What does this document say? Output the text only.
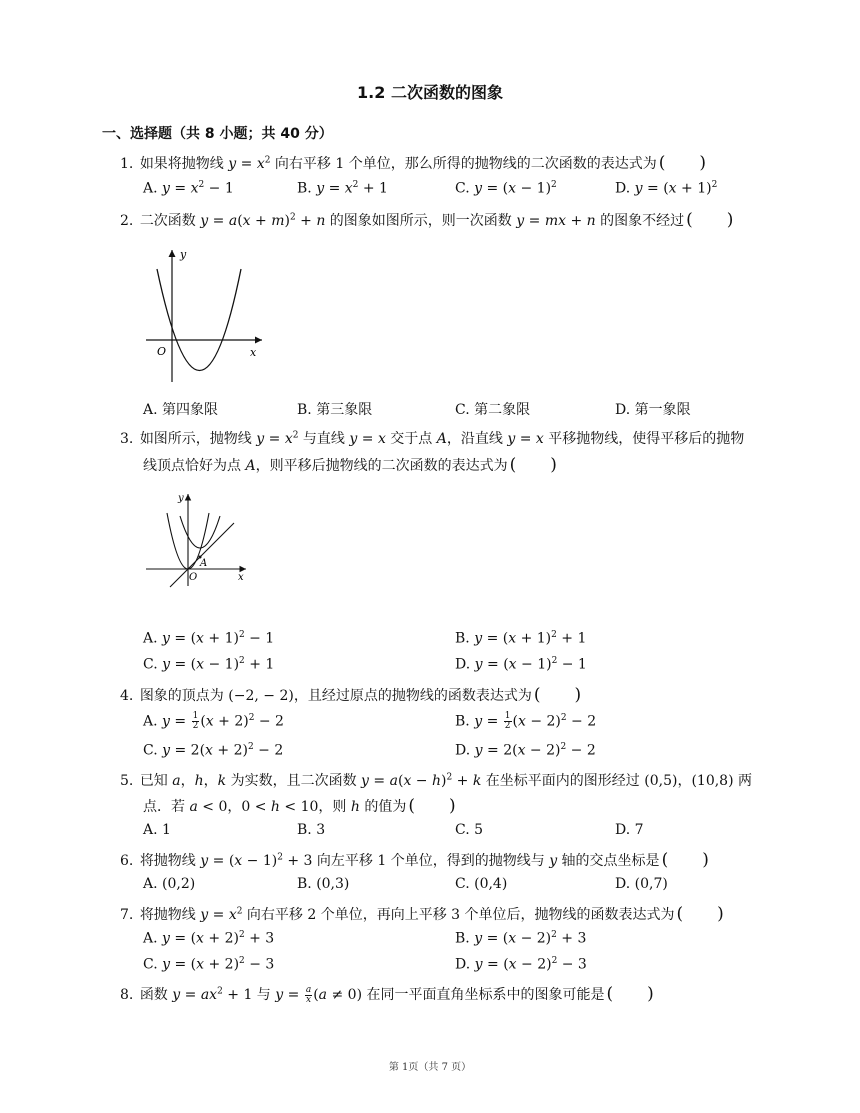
1.2 二次函数的图象
一、选择题（共 8 小题；共 40 分）
1. 如果将抛物线 $y = x^2$ 向右平移 1 个单位，那么所得的抛物线的二次函数的表达式为 (  )
A. $y = x^2 - 1$	B. $y = x^2 + 1$	C. $y = (x - 1)^2$	D. $y = (x + 1)^2$
2. 二次函数 $y = a(x + m)^2 + n$ 的图象如图所示，则一次函数 y = mx + n 的图象不经过 (  )
y
x
O
A. 第四象限	B. 第三象限	C. 第二象限	D. 第一象限
3. 如图所示，抛物线 $y = x^2$ 与直线 y = x 交于点 A，沿直线 y = x 平移抛物线，使得平移后的抛物
线顶点恰好为点 A，则平移后抛物线的二次函数的表达式为 (  )
y
x
O
A
A. $y = (x + 1)^2 - 1$	B. $y = (x + 1)^2 + 1$
C. $y = (x - 1)^2 + 1$	D. $y = (x - 1)^2 - 1$
4. 图象的顶点为 (−2, − 2)，且经过原点的抛物线的函数表达式为 (  )
A. $y = \frac{1}{2} (x + 2)^2 - 2$	B. $y = \frac{1}{2} (x - 2)^2 - 2$
C. $y = 2(x + 2)^2 - 2$	D. $y = 2(x - 2)^2 - 2$
5. 已知 a，h，k 为实数，且二次函数 $y = a(x - h)^2 + k$ 在坐标平面内的图形经过 (0,5)，(10,8) 两
点．若 a < 0，0 < h < 10，则 h 的值为 (  )
A. 1	B. 3	C. 5	D. 7
6. 将抛物线 $y = (x - 1)^2 + 3$ 向左平移 1 个单位，得到的抛物线与 y 轴的交点坐标是 (  )
A. (0,2)	B. (0,3)	C. (0,4)	D. (0,7)
7. 将抛物线 $y = x^2$ 向右平移 2 个单位，再向上平移 3 个单位后，抛物线的函数表达式为 (  )
A. $y = (x + 2)^2 + 3$	B. $y = (x - 2)^2 + 3$
C. $y = (x + 2)^2 - 3$	D. $y = (x - 2)^2 - 3$
8. 函数 $y = ax^2 + 1$ 与 $y = \frac{a}{x} (a \ne 0)$ 在同一平面直角坐标系中的图象可能是 (  )
第 1页（共 7 页）
